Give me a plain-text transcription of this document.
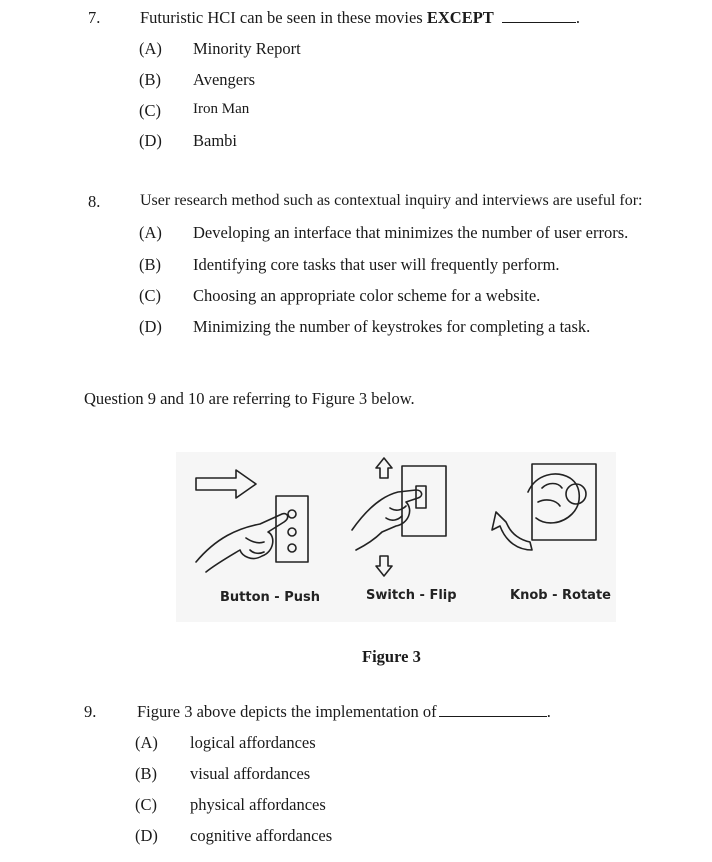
7. Futuristic HCI can be seen in these movies EXCEPT	.
(A) Minority Report
(B) Avengers
(C) Iron Man
(D) Bambi
8. User research method such as contextual inquiry and interviews are useful for:
(A) Developing an interface that minimizes the number of user errors.
(B) Identifying core tasks that user will frequently perform.
(C) Choosing an appropriate color scheme for a website.
(D) Minimizing the number of keystrokes for completing a task.
Question 9 and 10 are referring to Figure 3 below.
Button - Push	Switch - Flip	Knob - Rotate
Figure 3
9. Figure 3 above depicts the implementation of	.
(A) logical affordances
(B) visual affordances
(C) physical affordances
(D) cognitive affordances
